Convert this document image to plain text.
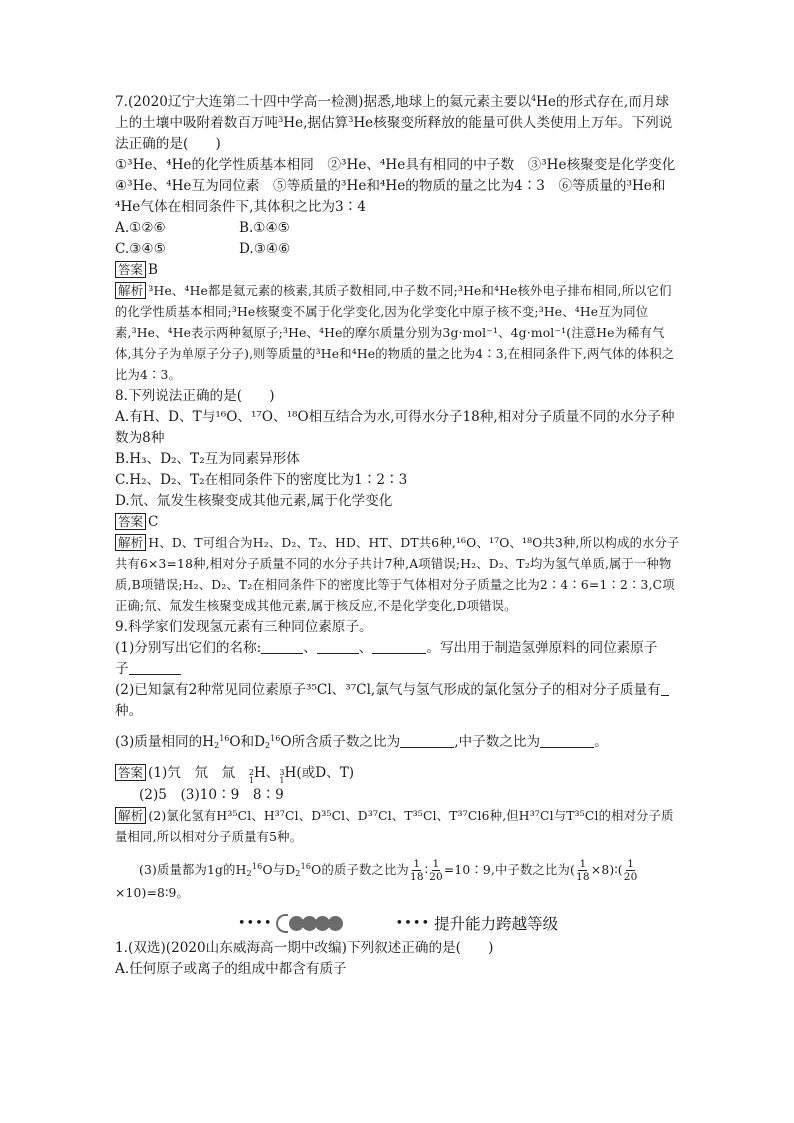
7.(2020辽宁大连第二十四中学高一检测)据悉,地球上的氦元素主要以$^4$He的形式存在,而月球上的土壤中吸附着数百万吨$^3$He,据估算$^3$He核聚变所释放的能量可供人类使用上万年。下列说法正确的是(　　)

①³He、⁴He的化学性质基本相同　②³He、⁴He具有相同的中子数　③³He核聚变是化学变化

④³He、⁴He互为同位素　⑤等质量的³He和⁴He的物质的量之比为4∶3　⑥等质量的³He和⁴He气体在相同条件下,其体积之比为3∶4

A.①②⑥	B.①④⑤
C.③④⑤	D.③④⑥

答案 B

解析 ³He、⁴He都是氦元素的核素,其质子数相同,中子数不同;³He和⁴He核外电子排布相同,所以它们的化学性质基本相同;³He核聚变不属于化学变化,因为化学变化中原子核不变;³He、⁴He互为同位素,³He、⁴He表示两种氦原子;³He、⁴He的摩尔质量分别为3g·mol⁻¹、4g·mol⁻¹(注意He为稀有气体,其分子为单原子分子),则等质量的³He和⁴He的物质的量之比为4∶3,在相同条件下,两气体的体积之比为4∶3。

8.下列说法正确的是(　　)

A.有H、D、T与¹⁶O、¹⁷O、¹⁸O相互结合为水,可得水分子18种,相对分子质量不同的水分子种数为8种

B.H₃、D₂、T₂互为同素异形体

C.H₂、D₂、T₂在相同条件下的密度比为1∶2∶3

D.氘、氚发生核聚变成其他元素,属于化学变化

答案 C

解析 H、D、T可组合为H₂、D₂、T₂、HD、HT、DT共6种,¹⁶O、¹⁷O、¹⁸O共3种,所以构成的水分子共有6×3=18种,相对分子质量不同的水分子共计7种,A项错误;H₂、D₂、T₂均为氢气单质,属于一种物质,B项错误;H₂、D₂、T₂在相同条件下的密度比等于气体相对分子质量之比为2∶4∶6=1∶2∶3,C项正确;氘、氚发生核聚变成其他元素,属于核反应,不是化学变化,D项错误。

9.科学家们发现氢元素有三种同位素原子。

(1)分别写出它们的名称:	、	、	。写出用于制造氢弹原料的同位素原子
子

(2)已知氯有2种常见同位素原子³⁵Cl、³⁷Cl,氯气与氢气形成的氯化氢分子的相对分子质量有
种。

(3)质量相同的$H_2^{16}O$和$D_2^{16}O$所含质子数之比为	,中子数之比为	。

答案 (1)氕　氘　氚　 2
1 H、 3
1 H(或D、T)

(2)5　(3)10∶9　8∶9

解析 (2)氯化氢有H³⁵Cl、H³⁷Cl、D³⁵Cl、D³⁷Cl、T³⁵Cl、T³⁷Cl6种,但H³⁷Cl与T³⁵Cl的相对分子质量相同,所以相对分子质量有5种。

(3)质量都为1g的$H_2^{16}O$与$D_2^{16}O$的质子数之比为 $\frac{1}{18}$ ∶ $\frac{1}{20}$ =10∶9,中子数之比为( $\frac{1}{18}$ ×8)∶( $\frac{1}{20}$

×10)=8∶9。

••••	•••• 提升能力跨越等级

1.(双选)(2020山东威海高一期中改编)下列叙述正确的是(　　)

A.任何原子或离子的组成中都含有质子
